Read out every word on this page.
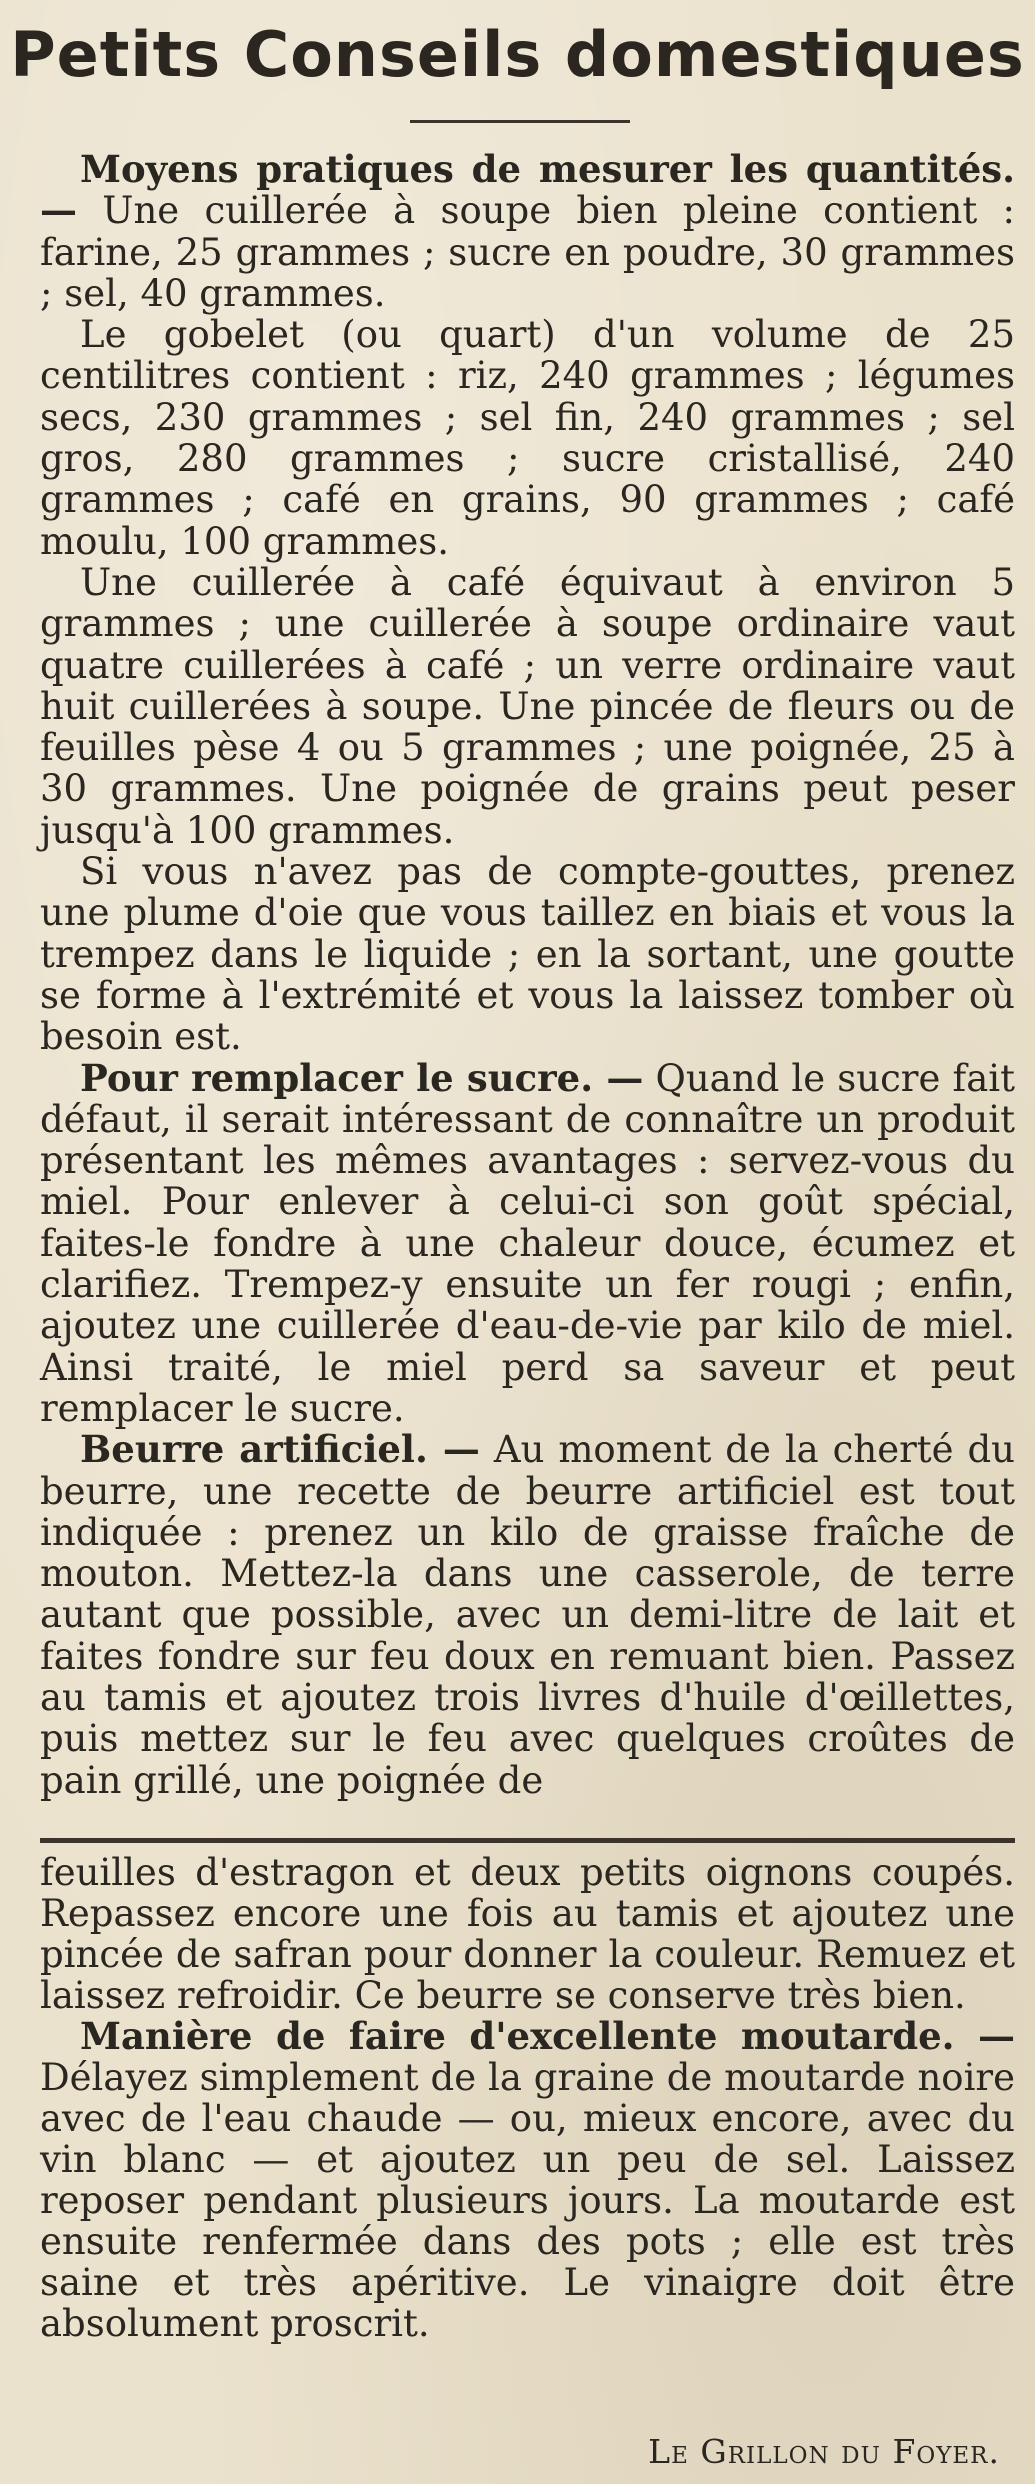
Petits Conseils domestiques

Moyens pratiques de mesurer les quantités. — Une cuillerée à soupe bien pleine contient : farine, 25 grammes ; sucre en poudre, 30 grammes ; sel, 40 grammes.

Le gobelet (ou quart) d'un volume de 25 centilitres contient : riz, 240 grammes ; légumes secs, 230 grammes ; sel fin, 240 grammes ; sel gros, 280 grammes ; sucre cristallisé, 240 grammes ; café en grains, 90 grammes ; café moulu, 100 grammes.

Une cuillerée à café équivaut à environ 5 grammes ; une cuillerée à soupe ordinaire vaut quatre cuillerées à café ; un verre ordinaire vaut huit cuillerées à soupe. Une pincée de fleurs ou de feuilles pèse 4 ou 5 grammes ; une poignée, 25 à 30 grammes. Une poignée de grains peut peser jusqu'à 100 grammes.

Si vous n'avez pas de compte-gouttes, prenez une plume d'oie que vous taillez en biais et vous la trempez dans le liquide ; en la sortant, une goutte se forme à l'extrémité et vous la laissez tomber où besoin est.

Pour remplacer le sucre. — Quand le sucre fait défaut, il serait intéressant de connaître un produit présentant les mêmes avantages : servez-vous du miel. Pour enlever à celui-ci son goût spécial, faites-le fondre à une chaleur douce, écumez et clarifiez. Trempez-y ensuite un fer rougi ; enfin, ajoutez une cuillerée d'eau-de-vie par kilo de miel. Ainsi traité, le miel perd sa saveur et peut remplacer le sucre.

Beurre artificiel. — Au moment de la cherté du beurre, une recette de beurre artificiel est tout indiquée : prenez un kilo de graisse fraîche de mouton. Mettez-la dans une casserole, de terre autant que possible, avec un demi-litre de lait et faites fondre sur feu doux en remuant bien. Passez au tamis et ajoutez trois livres d'huile d'œillettes, puis mettez sur le feu avec quelques croûtes de pain grillé, une poignée de

feuilles d'estragon et deux petits oignons coupés. Repassez encore une fois au tamis et ajoutez une pincée de safran pour donner la couleur. Remuez et laissez refroidir. Ce beurre se conserve très bien.

Manière de faire d'excellente moutarde. — Délayez simplement de la graine de moutarde noire avec de l'eau chaude — ou, mieux encore, avec du vin blanc — et ajoutez un peu de sel. Laissez reposer pendant plusieurs jours. La moutarde est ensuite renfermée dans des pots ; elle est très saine et très apéritive. Le vinaigre doit être absolument proscrit.

Le Grillon du Foyer.
